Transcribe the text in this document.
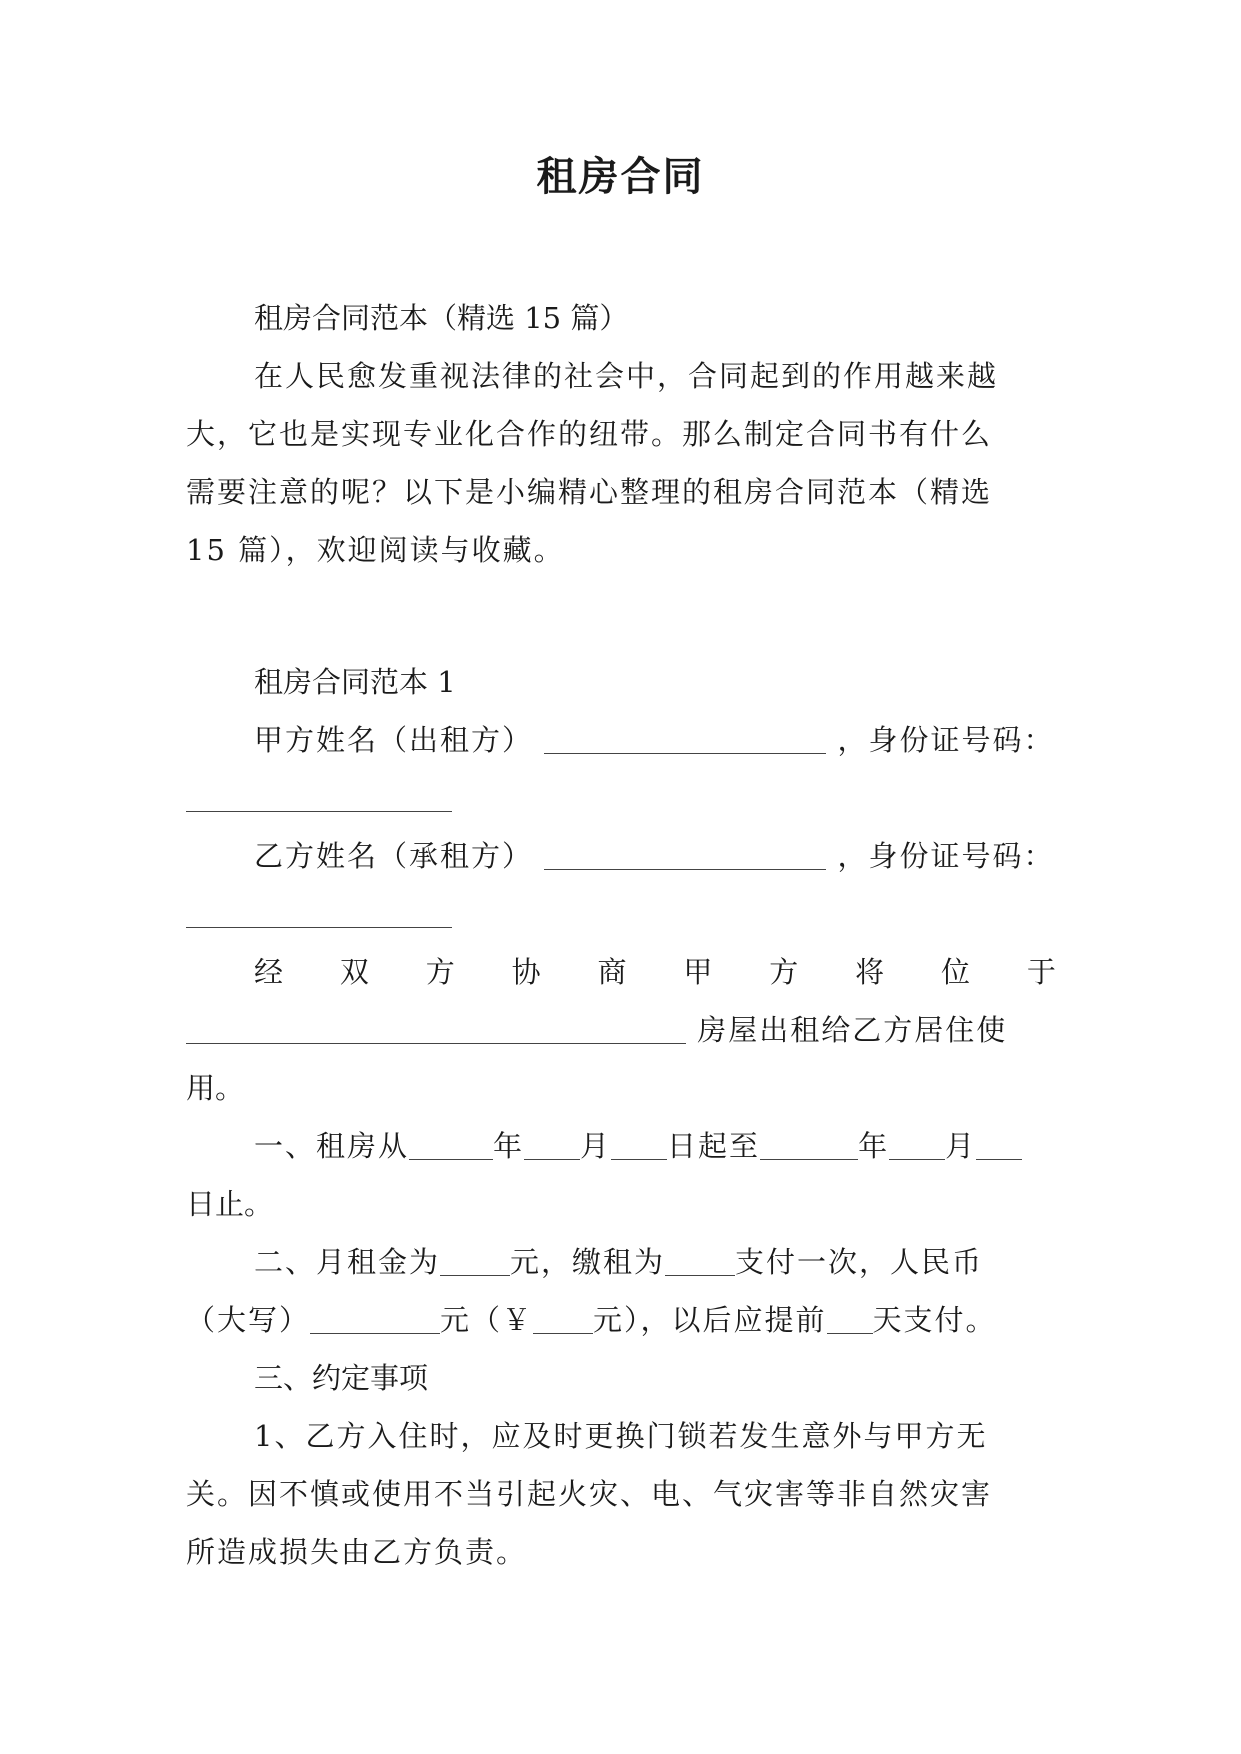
租房合同
租房合同范本（精选 15 篇）
在人民愈发重视法律的社会中，合同起到的作用越来越
大，它也是实现专业化合作的纽带。那么制定合同书有什么
需要注意的呢？以下是小编精心整理的租房合同范本（精选
15 篇），欢迎阅读与收藏。
租房合同范本 1
甲方姓名（出租方）	，身份证号码：
乙方姓名（承租方）	，身份证号码：
经 双 方 协 商 甲 方 将 位 于
房屋出租给乙方居住使
用。
一、租房从	年 月 日起至	年 月
日止。
二、月租金为 元，缴租为 支付一次，人民币
（大写）	元（￥ 元），以后应提前 天支付。
三、约定事项
1、乙方入住时，应及时更换门锁若发生意外与甲方无
关。因不慎或使用不当引起火灾、电、气灾害等非自然灾害
所造成损失由乙方负责。
